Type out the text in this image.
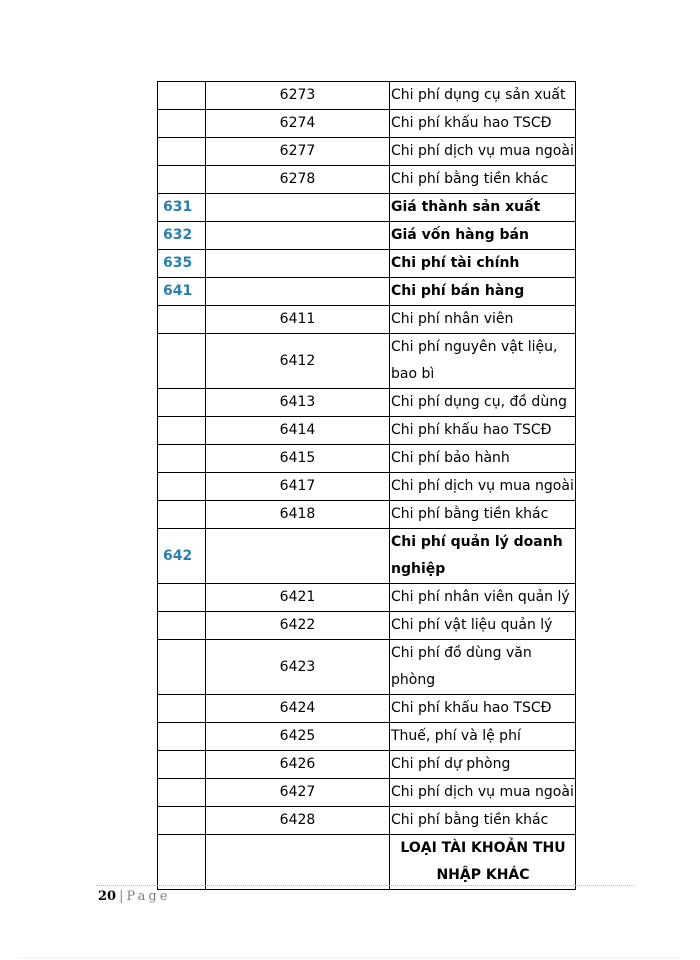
	6273	Chi phí dụng cụ sản xuất

	6274	Chi phí khấu hao TSCĐ

	6277	Chi phí dịch vụ mua ngoài

	6278	Chi phí bằng tiền khác

631		Giá thành sản xuất

632		Giá vốn hàng bán

635		Chi phí tài chính

641		Chi phí bán hàng

	6411	Chi phí nhân viên

	6412	Chi phí nguyên vật liệu, bao bì

	6413	Chi phí dụng cụ, đồ dùng

	6414	Chi phí khấu hao TSCĐ

	6415	Chi phí bảo hành

	6417	Chi phí dịch vụ mua ngoài

	6418	Chi phí bằng tiền khác

642		Chi phí quản lý doanh nghiệp

	6421	Chi phí nhân viên quản lý

	6422	Chi phí vật liệu quản lý

	6423	Chi phí đồ dùng văn phòng

	6424	Chi phí khấu hao TSCĐ

	6425	Thuế, phí và lệ phí

	6426	Chi phí dự phòng

	6427	Chi phí dịch vụ mua ngoài

	6428	Chi phí bằng tiền khác

		LOẠI TÀI KHOẢN THU NHẬP KHÁC
20 | Page
